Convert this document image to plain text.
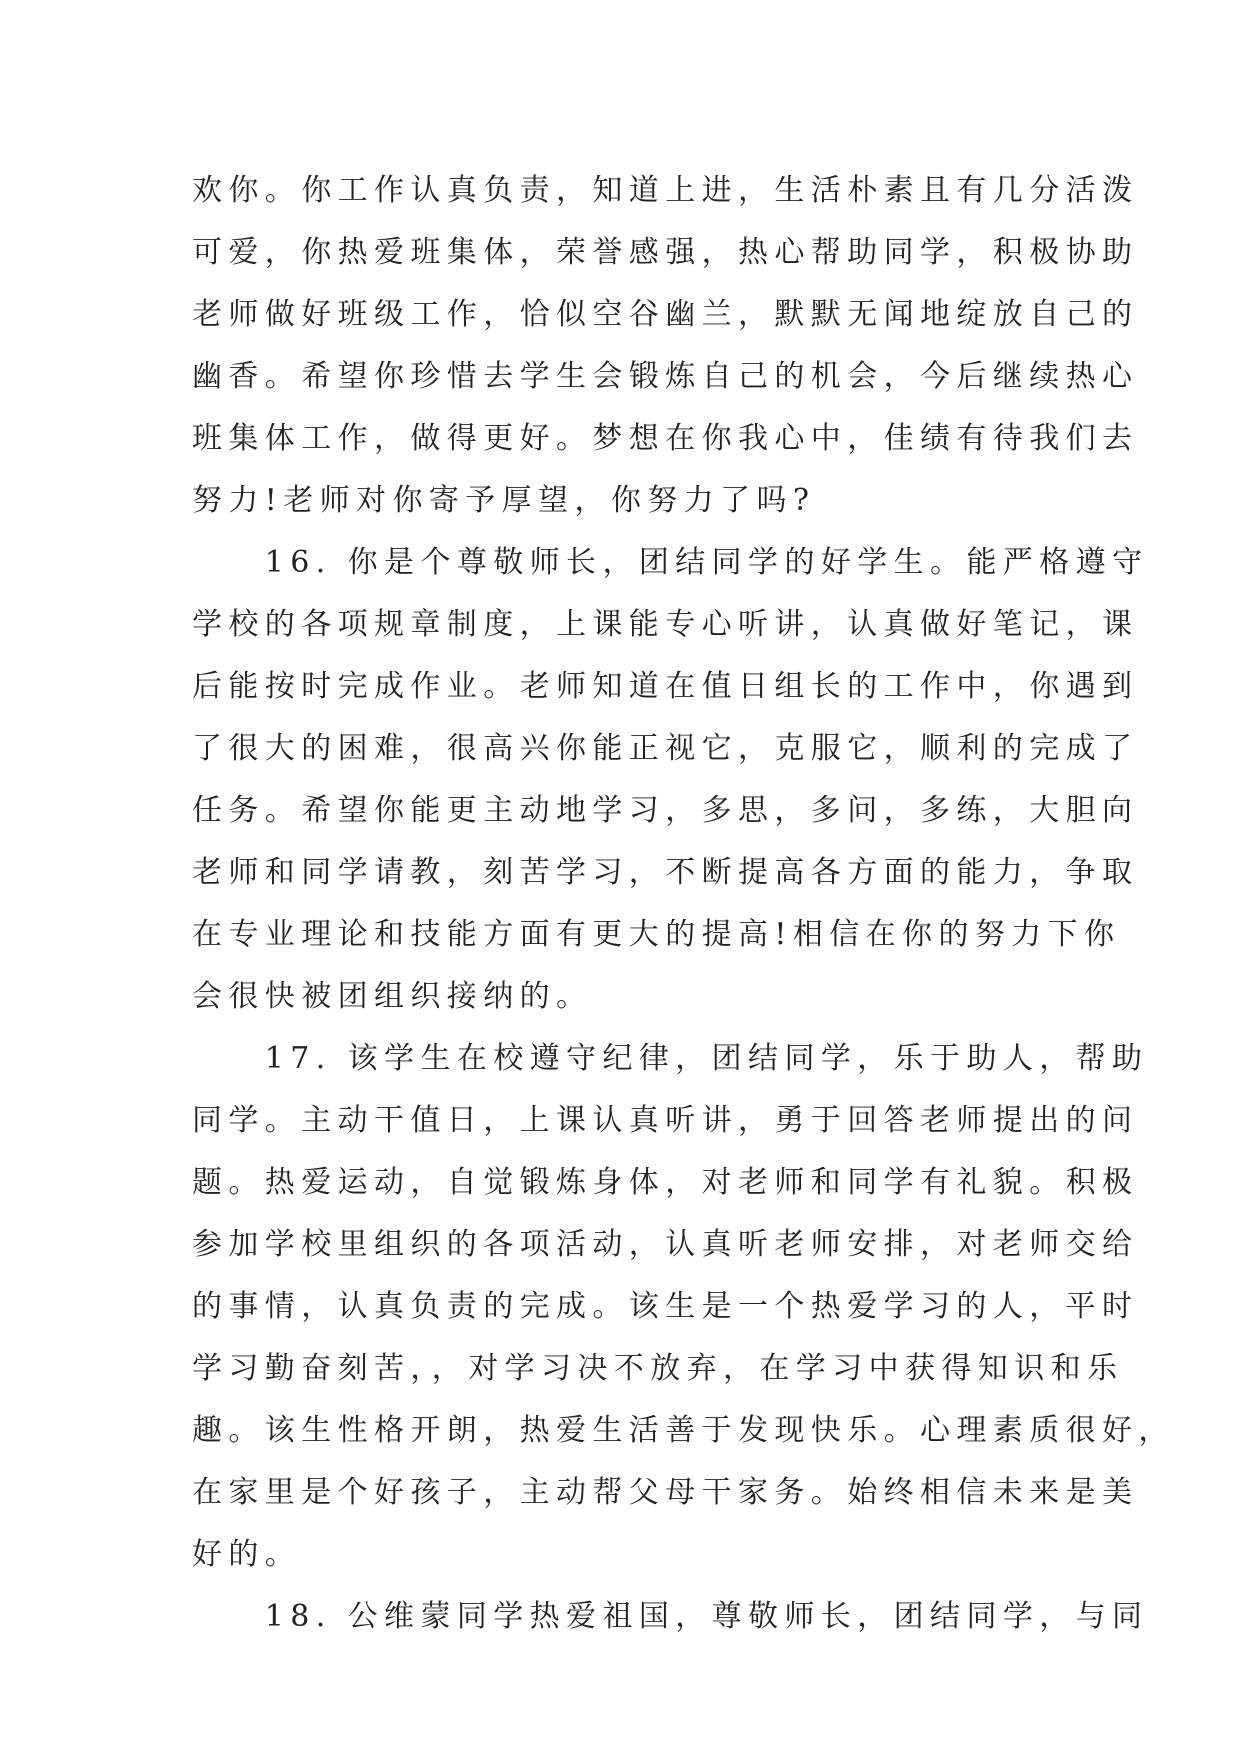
欢你。你工作认真负责，知道上进，生活朴素且有几分活泼
可爱，你热爱班集体，荣誉感强，热心帮助同学，积极协助
老师做好班级工作，恰似空谷幽兰，默默无闻地绽放自己的
幽香。希望你珍惜去学生会锻炼自己的机会，今后继续热心
班集体工作，做得更好。梦想在你我心中，佳绩有待我们去
努力!老师对你寄予厚望，你努力了吗?
　　16. 你是个尊敬师长，团结同学的好学生。能严格遵守
学校的各项规章制度，上课能专心听讲，认真做好笔记，课
后能按时完成作业。老师知道在值日组长的工作中，你遇到
了很大的困难，很高兴你能正视它，克服它，顺利的完成了
任务。希望你能更主动地学习，多思，多问，多练，大胆向
老师和同学请教，刻苦学习，不断提高各方面的能力，争取
在专业理论和技能方面有更大的提高!相信在你的努力下你
会很快被团组织接纳的。
　　17. 该学生在校遵守纪律，团结同学，乐于助人，帮助
同学。主动干值日，上课认真听讲，勇于回答老师提出的问
题。热爱运动，自觉锻炼身体，对老师和同学有礼貌。积极
参加学校里组织的各项活动，认真听老师安排，对老师交给
的事情，认真负责的完成。该生是一个热爱学习的人，平时
学习勤奋刻苦，，对学习决不放弃，在学习中获得知识和乐
趣。该生性格开朗，热爱生活善于发现快乐。心理素质很好，
在家里是个好孩子，主动帮父母干家务。始终相信未来是美
好的。
　　18. 公维蒙同学热爱祖国，尊敬师长，团结同学，与同
